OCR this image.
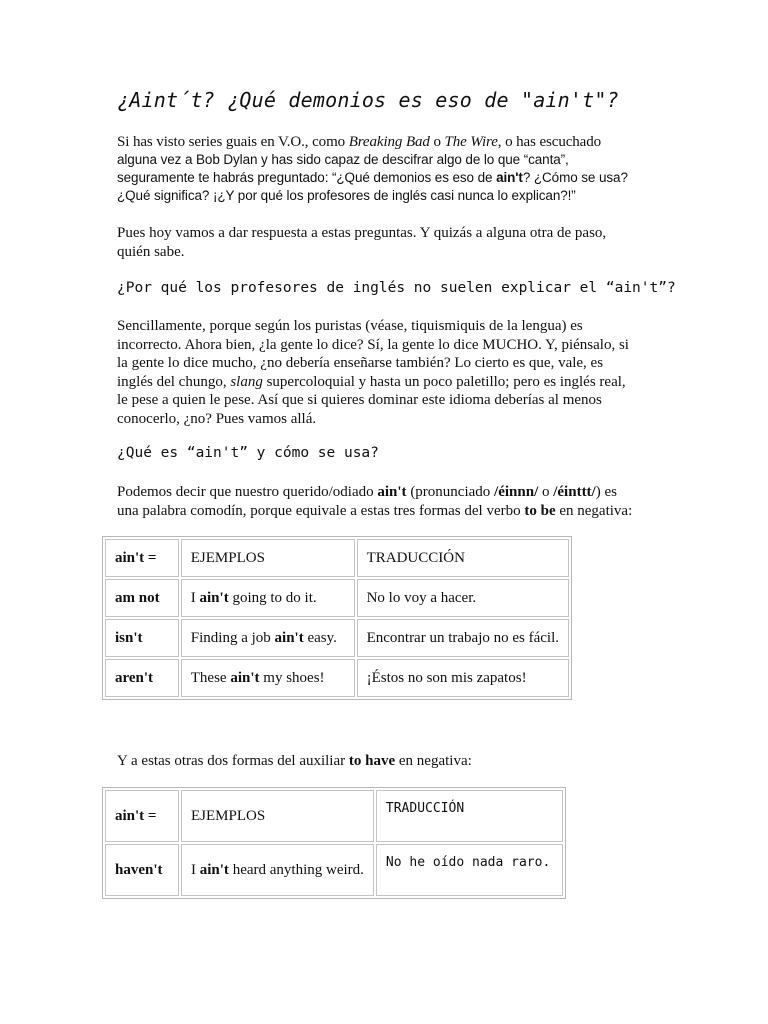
¿Aint´t? ¿Qué demonios es eso de "ain't"?

Si has visto series guais en V.O., como Breaking Bad o The Wire, o has escuchado
alguna vez a Bob Dylan y has sido capaz de descifrar algo de lo que “canta”,
seguramente te habrás preguntado: “¿Qué demonios es eso de ain't? ¿Cómo se usa?
¿Qué significa? ¡¿Y por qué los profesores de inglés casi nunca lo explican?!”

Pues hoy vamos a dar respuesta a estas preguntas. Y quizás a alguna otra de paso,
quién sabe.

¿Por qué los profesores de inglés no suelen explicar el “ain't”?

Sencillamente, porque según los puristas (véase, tiquismiquis de la lengua) es
incorrecto. Ahora bien, ¿la gente lo dice? Sí, la gente lo dice MUCHO. Y, piénsalo, si
la gente lo dice mucho, ¿no debería enseñarse también? Lo cierto es que, vale, es
inglés del chungo, slang supercoloquial y hasta un poco paletillo; pero es inglés real,
le pese a quien le pese. Así que si quieres dominar este idioma deberías al menos
conocerlo, ¿no? Pues vamos allá.

¿Qué es “ain't” y cómo se usa?

Podemos decir que nuestro querido/odiado ain't (pronunciado /éinnn/ o /éinttt/) es
una palabra comodín, porque equivale a estas tres formas del verbo to be en negativa:

ain't =	EJEMPLOS	TRADUCCIÓN
am not	I ain't going to do it.	No lo voy a hacer.
isn't	Finding a job ain't easy.	Encontrar un trabajo no es fácil.
aren't	These ain't my shoes!	¡Éstos no son mis zapatos!

Y a estas otras dos formas del auxiliar to have en negativa:

ain't =	EJEMPLOS	TRADUCCIÓN
haven't	I ain't heard anything weird.	No he oído nada raro.
